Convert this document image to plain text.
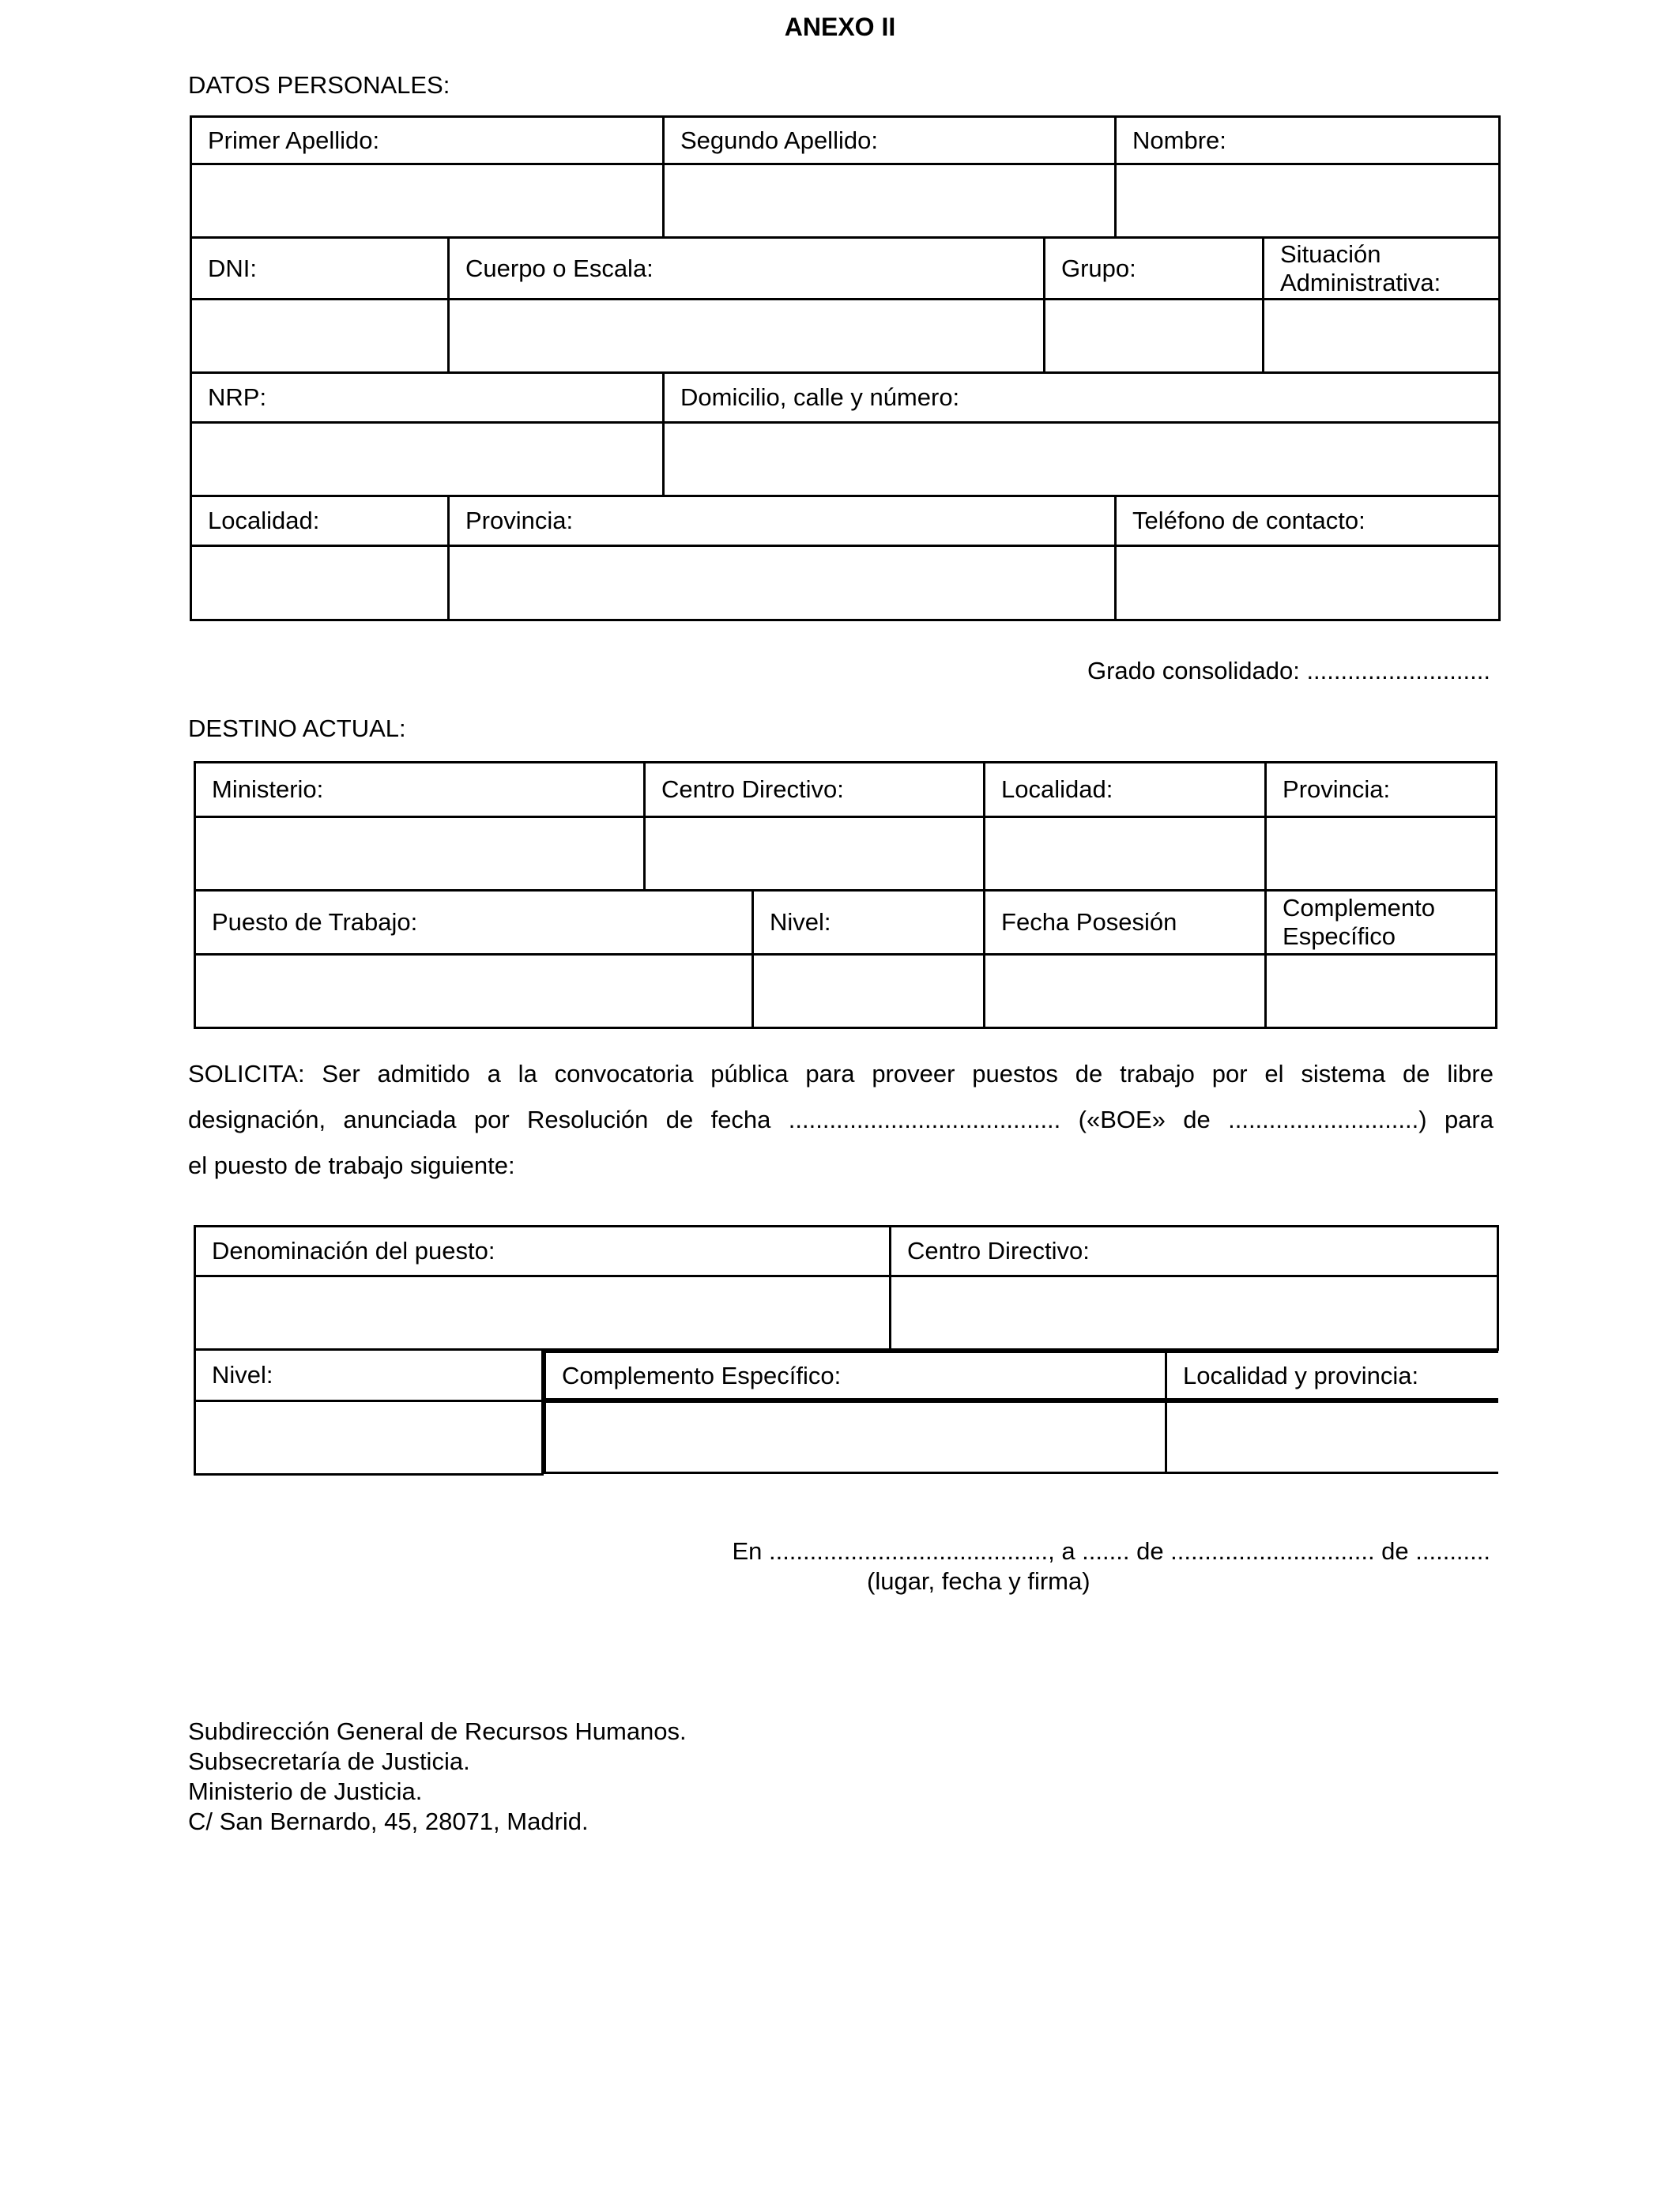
ANEXO II
DATOS PERSONALES:
Primer Apellido:		Segundo Apellido:		Nombre:	

DNI:	Cuerpo o Escala:		Grupo:		Situación
Administrativa:

NRP:		Domicilio, calle y número:			

Localidad:	Provincia:			Teléfono de contacto:	

Grado consolidado: ...........................
DESTINO ACTUAL:
Ministerio:	Centro Directivo:		Localidad:	Provincia:

Puesto de Trabajo:		Nivel:	Fecha Posesión	Complemento
Específico

SOLICITA: Ser admitido a la convocatoria pública para proveer puestos de trabajo por el sistema de libre
designación, anunciada por Resolución de fecha ........................................ («BOE» de ............................) para
el puesto de trabajo siguiente:

Denominación del puesto:	Centro Directivo:

Nivel:		Complemento Específico:	Localidad y provincia:

En ........................................., a ....... de .............................. de ...........
(lugar, fecha y firma)
Subdirección General de Recursos Humanos.
Subsecretaría de Justicia.
Ministerio de Justicia.
C/ San Bernardo, 45, 28071, Madrid.
